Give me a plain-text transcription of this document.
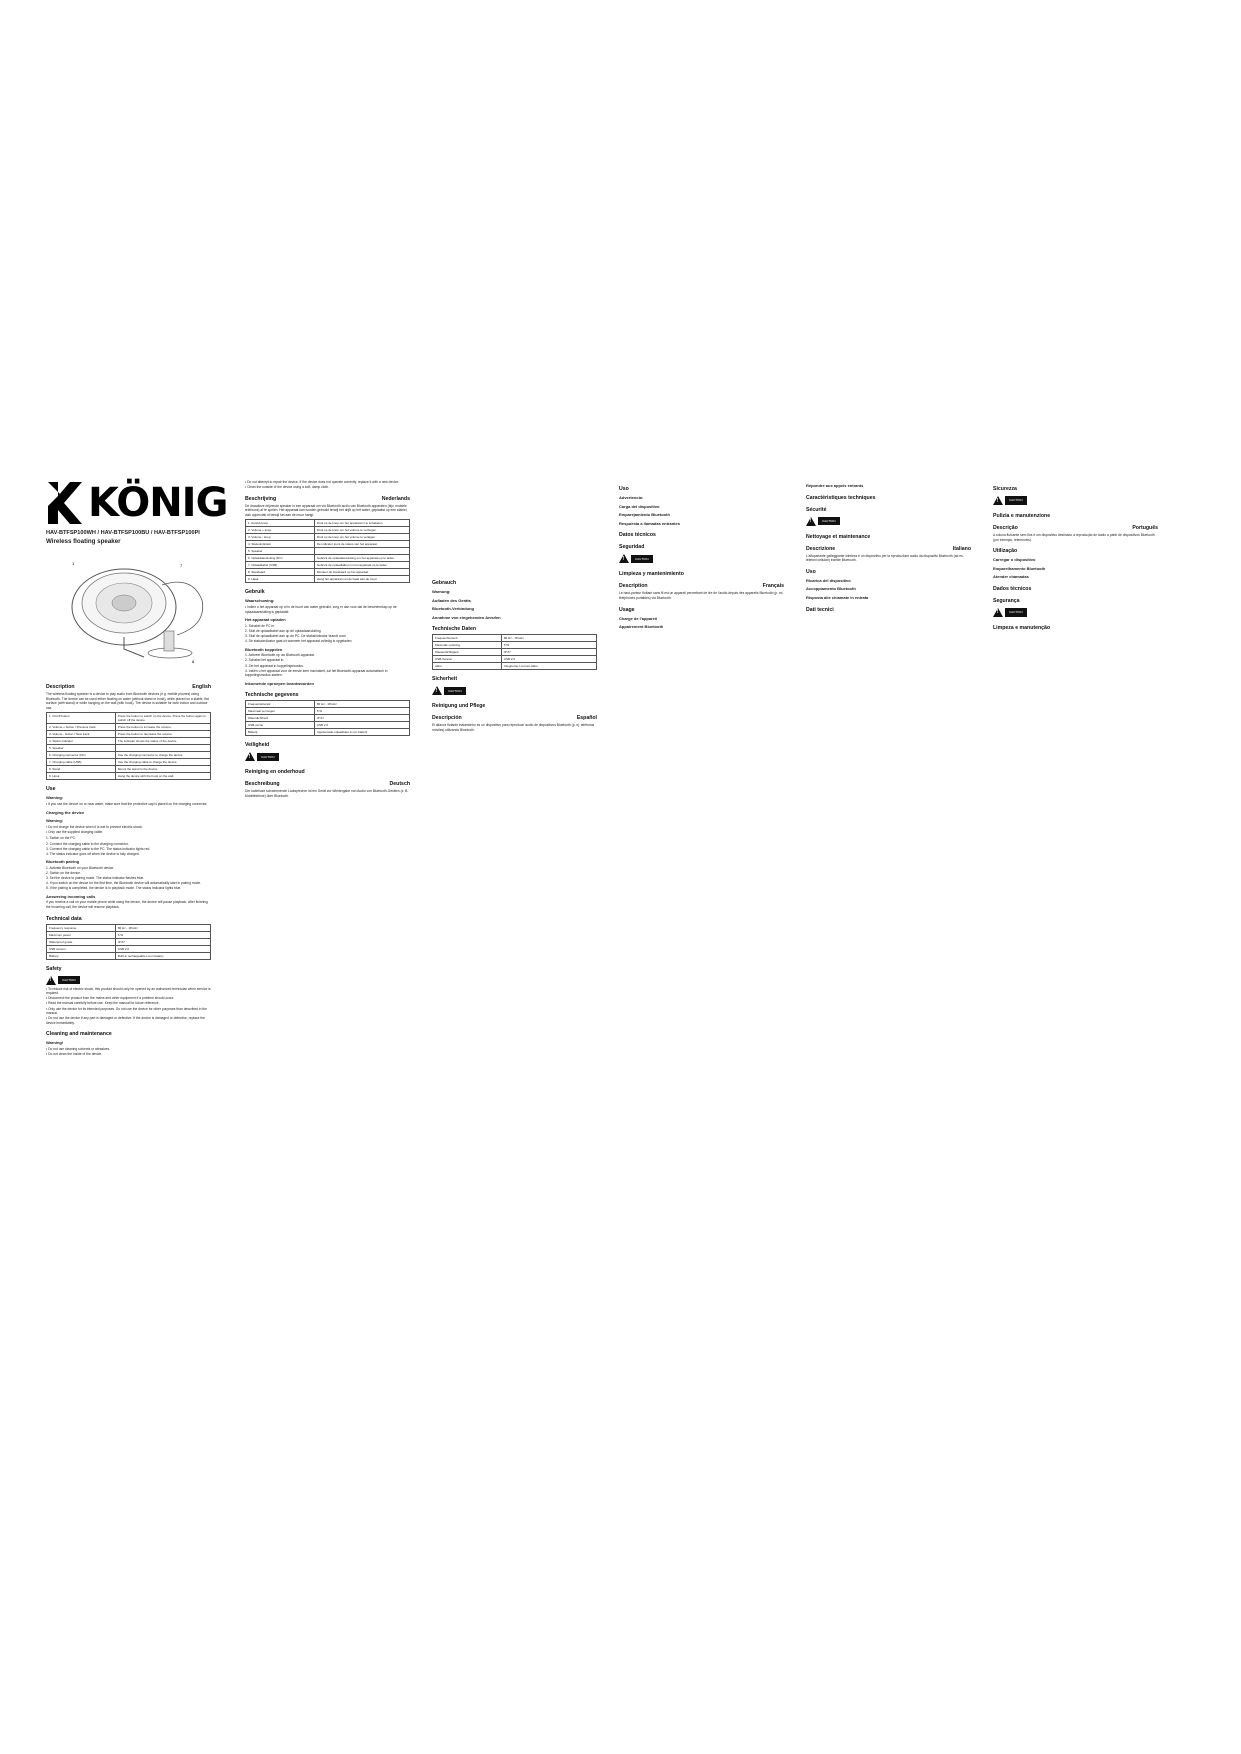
KÖNIG
HAV-BTFSP100WH / HAV-BTFSP100BU / HAV-BTFSP100PI
Wireless floating speaker
1	7
8
Description	English

The wireless floating speaker is a device to play audio from Bluetooth devices (e.g. mobile phones) using Bluetooth. The device can be used either floating on water (without stand or hook), while placed on a stable, flat surface (with stand) or while hanging on the wall (with hook). The device is suitable for both indoor and outdoor use.

1. On/off button	Press the button to switch on the device. Press the button again to switch off the device.
2. Volume + button / Previous track	Press the button to increase the volume.
3. Volume - button / Next track	Press the button to decrease the volume.
4. Status indicator	The indicator shows the status of the device.
5. Speaker	
6. Charging connector (DC)	Use the charging connector to charge the device.
7. Charging cable (USB)	Use the charging cable to charge the device.
8. Stand	Mount the stand to the device.
9. Hook	Hang the device with the hook on the wall.
Use
Warning:
• If you use the device on or near water, make sure that the protective cap is placed on the charging connector.
Charging the device
Warning:
• Do not charge the device when it is wet to prevent electric shock.
• Only use the supplied charging cable.
1. Switch on the PC.
2. Connect the charging cable to the charging connector.
3. Connect the charging cable to the PC. The status indicator lights red.
4. The status indicator goes off when the device is fully charged.
Bluetooth pairing
1. Activate Bluetooth on your Bluetooth device.
2. Switch on the device.
3. Set the device to pairing mode. The status indicator flashes blue.
4. If you switch on the device for the first time, the Bluetooth device will automatically start in pairing mode.
5. If the pairing is completed, the device is in playback mode. The status indicator lights blue.
Answering incoming calls

If you receive a call on your mobile phone while using the device, the device will pause playback. After finishing the incoming call, the device will resume playback.

Technical data
Frequency response	80 Hz - 18 kHz
Maximum power	5 W
Waterproof grade	IP 67
USB version	USB 2.0
Battery	Built-in rechargeable Li-ion battery
Safety
!
CAUTION
• To reduce risk of electric shock, this product should only be opened by an authorized technician when service is required.
• Disconnect the product from the mains and other equipment if a problem should occur.
• Read the manual carefully before use. Keep the manual for future reference.
• Only use the device for its intended purposes. Do not use the device for other purposes than described in the manual.
• Do not use the device if any part is damaged or defective. If the device is damaged or defective, replace the device immediately.
Cleaning and maintenance
Warning!
• Do not use cleaning solvents or abrasives.
• Do not clean the inside of the device.
• Do not attempt to repair the device. If the device does not operate correctly, replace it with a new device.
• Clean the outside of the device using a soft, damp cloth.
Beschrijving	Nederlands

De draadloze drijvende speaker is een apparaat om via Bluetooth audio van Bluetooth-apparaten (bijv. mobiele telefoons) af te spelen. Het apparaat kan worden gebruikt terwijl het drijft op het water, geplaatst op een stabiel, vlak oppervlak of terwijl het aan de muur hangt.

1. Aan/uit-knop	Druk op de knop om het apparaat in te schakelen.
2. Volume + knop	Druk op de knop om het volume te verhogen.
3. Volume - knop	Druk op de knop om het volume te verlagen.
4. Statusindicator	De indicator toont de status van het apparaat.
5. Speaker	
6. Oplaadaansluiting (DC)	Gebruik de oplaadaansluiting om het apparaat op te laden.
7. Oplaadkabel (USB)	Gebruik de oplaadkabel om het apparaat op te laden.
8. Standaard	Monteer de standaard op het apparaat.
9. Haak	Hang het apparaat met de haak aan de muur.
Gebruik
Waarschuwing:
• Indien u het apparaat op of in de buurt van water gebruikt, zorg er dan voor dat de beschermkap op de oplaadaansluiting is geplaatst.
Het apparaat opladen
1. Schakel de PC in.
2. Sluit de oplaadkabel aan op de oplaadaansluiting.
3. Sluit de oplaadkabel aan op de PC. De statusindicator brandt rood.
4. De statusindicator gaat uit wanneer het apparaat volledig is opgeladen.
Bluetooth koppelen
1. Activeer Bluetooth op uw Bluetooth-apparaat.
2. Schakel het apparaat in.
3. Zet het apparaat in koppelingsmodus.
4. Indien u het apparaat voor de eerste keer inschakelt, zal het Bluetooth-apparaat automatisch in koppelingsmodus starten.
Inkomende oproepen beantwoorden
Technische gegevens
Frequentiebereik	80 Hz - 18 kHz
Maximaal vermogen	5 W
Waterdichtheid	IP 67
USB-versie	USB 2.0
Batterij	Ingebouwde oplaadbare Li-ion batterij
Veiligheid
!
CAUTION
Reiniging en onderhoud
Beschreibung	Deutsch

Der kabellose schwimmende Lautsprecher ist ein Gerät zur Wiedergabe von Audio von Bluetooth-Geräten (z. B. Mobiltelefone) über Bluetooth.

Gebrauch
Warnung:
Aufladen des Geräts
Bluetooth-Verbindung
Annahme von eingehenden Anrufen
Technische Daten
Frequenzbereich	80 Hz - 18 kHz
Maximale Leistung	5 W
Wasserdichtigkeit	IP 67
USB-Version	USB 2.0
Akku	Integrierter Li-Ionen-Akku
Sicherheit
!
CAUTION
Reinigung und Pflege
Descripción	Español

El altavoz flotante inalámbrico es un dispositivo para reproducir audio de dispositivos Bluetooth (p. ej. teléfonos móviles) utilizando Bluetooth.

Uso
Advertencia:
Carga del dispositivo
Emparejamiento Bluetooth
Respuesta a llamadas entrantes
Datos técnicos
Seguridad
!
CAUTION
Limpieza y mantenimiento
Description	Français

Le haut-parleur flottant sans fil est un appareil permettant de lire de l'audio depuis des appareils Bluetooth (p. ex. téléphones portables) via Bluetooth.

Usage
Charge de l'appareil
Appairement Bluetooth
Répondre aux appels entrants
Caractéristiques techniques
Sécurité
!
CAUTION
Nettoyage et maintenance
Descrizione	Italiano

L'altoparlante galleggiante wireless è un dispositivo per la riproduzione audio da dispositivi Bluetooth (ad es. telefoni cellulari) tramite Bluetooth.

Uso
Ricarica del dispositivo
Accoppiamento Bluetooth
Risposta alle chiamate in entrata
Dati tecnici
Sicurezza
!
CAUTION
Pulizia e manutenzione
Descrição	Português

A coluna flutuante sem fios é um dispositivo destinado à reprodução de áudio a partir de dispositivos Bluetooth (por exemplo, telemóveis).

Utilização
Carregar o dispositivo
Emparelhamento Bluetooth
Atender chamadas
Dados técnicos
Segurança
!
CAUTION
Limpeza e manutenção
